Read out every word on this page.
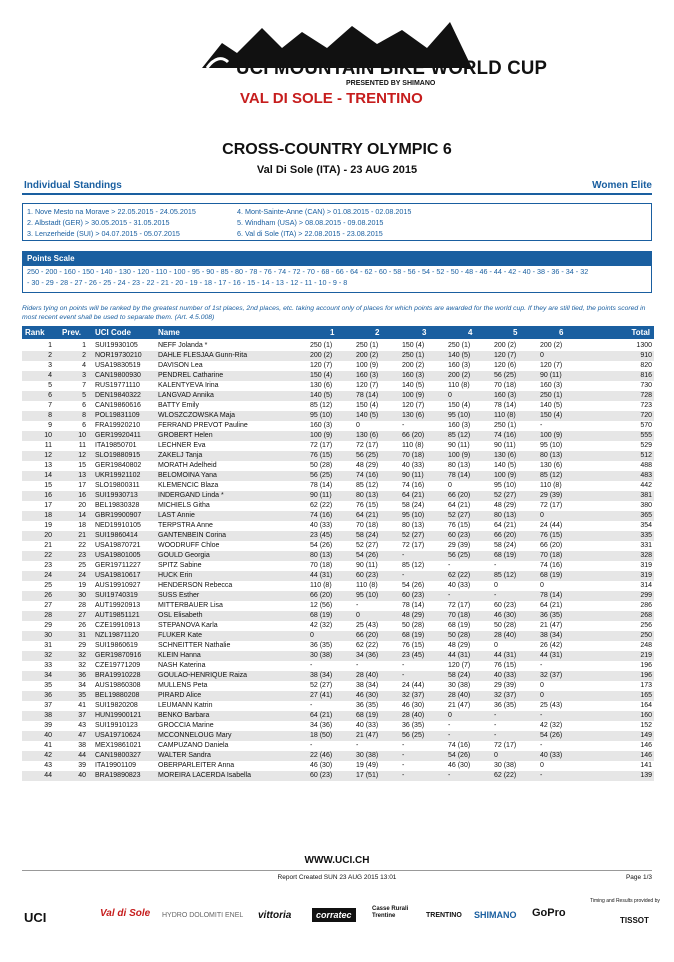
UCI MOUNTAIN BIKE WORLD CUP
PRESENTED BY SHIMANO
VAL DI SOLE - TRENTINO
CROSS-COUNTRY OLYMPIC 6
Val Di Sole (ITA) - 23 AUG 2015
Individual Standings	Women Elite
1. Nove Mesto na Morave > 22.05.2015 - 24.05.2015
2. Albstadt (GER) > 30.05.2015 - 31.05.2015
3. Lenzerheide (SUI) > 04.07.2015 - 05.07.2015
4. Mont-Sainte-Anne (CAN) > 01.08.2015 - 02.08.2015
5. Windham (USA) > 08.08.2015 - 09.08.2015
6. Val di Sole (ITA) > 22.08.2015 - 23.08.2015
Points Scale
250 - 200 - 160 - 150 - 140 - 130 - 120 - 110 - 100 - 95 - 90 - 85 - 80 - 78 - 76 - 74 - 72 - 70 - 68 - 66 - 64 - 62 - 60 - 58 - 56 - 54 - 52 - 50 - 48 - 46 - 44 - 42 - 40 - 38 - 36 - 34 - 32
- 30 - 29 - 28 - 27 - 26 - 25 - 24 - 23 - 22 - 21 - 20 - 19 - 18 - 17 - 16 - 15 - 14 - 13 - 12 - 11 - 10 - 9 - 8
Riders tying on points will be ranked by the greatest number of 1st places, 2nd places, etc. taking account only of places for which points are awarded for the world cup. If they are still tied, the points scored in most recent event shall be used to separate them. (Art. 4.5.008)
Rank Prev. UCI Code	Name	1	2	3	4	5	6	Total
1	1 SUI19930105	NEFF Jolanda *	250 (1)	250 (1)	150 (4)	250 (1)	200 (2)	200 (2)	1300
2	2 NOR19730210 DAHLE FLESJAA Gunn-Rita	200 (2)	200 (2)	250 (1)	140 (5)	120 (7)	0	910
3	4 USA19830519 DAVISON Lea	120 (7)	100 (9)	200 (2)	160 (3)	120 (6)	120 (7)	820
4	3 CAN19800930 PENDREL Catharine	150 (4)	160 (3)	160 (3)	200 (2)	56 (25)	90 (11)	816
5	7 RUS19771110	KALENTYEVA Irina	130 (6)	120 (7)	140 (5)	110 (8)	70 (18)	160 (3)	730
6	5 DEN19840322 LANGVAD Annika	140 (5)	78 (14)	100 (9)	0	160 (3)	250 (1)	728
7	6 CAN19860616 BATTY Emily	85 (12)	150 (4)	120 (7)	150 (4)	78 (14)	140 (5)	723
8	8 POL19831109	WLOSZCZOWSKA Maja	95 (10)	140 (5)	130 (6)	95 (10)	110 (8)	150 (4)	720
9	6 FRA19920210	FERRAND PREVOT Pauline	160 (3)	0	-	160 (3)	250 (1)	-	570
10	10 GER19920411 GROBERT Helen	100 (9)	130 (6)	66 (20)	85 (12)	74 (16)	100 (9)	555
11	11 ITA19850701	LECHNER Eva	72 (17)	72 (17)	110 (8)	90 (11)	90 (11)	95 (10)	529
12	12 SLO19880915	ZAKELJ Tanja	76 (15)	56 (25)	70 (18)	100 (9)	130 (6)	80 (13)	512
13	15 GER19840802 MORATH Adelheid	50 (28)	48 (29)	40 (33)	80 (13)	140 (5)	130 (6)	488
14	13 UKR19921102	BELOMOINA Yana	56 (25)	74 (16)	90 (11)	78 (14)	100 (9)	85 (12)	483
15	17 SLO19800311	KLEMENCIC Blaza	78 (14)	85 (12)	74 (16)	0	95 (10)	110 (8)	442
16	16 SUI19930713	INDERGAND Linda *	90 (11)	80 (13)	64 (21)	66 (20)	52 (27)	29 (39)	381
17	20 BEL19830328	MICHIELS Githa	62 (22)	76 (15)	58 (24)	64 (21)	48 (29)	72 (17)	380
18	14 GBR19900907 LAST Annie	74 (16)	64 (21)	95 (10)	52 (27)	80 (13)	0	365
19	18 NED19910105 TERPSTRA Anne	40 (33)	70 (18)	80 (13)	76 (15)	64 (21)	24 (44)	354
20	21 SUI19860414	GANTENBEIN Corina	23 (45)	58 (24)	52 (27)	60 (23)	66 (20)	76 (15)	335
21	22 USA19870721 WOODRUFF Chloe	54 (26)	52 (27)	72 (17)	29 (39)	58 (24)	66 (20)	331
22	23 USA19801005 GOULD Georgia	80 (13)	54 (26)	-	56 (25)	68 (19)	70 (18)	328
23	25 GER19711227 SPITZ Sabine	70 (18)	90 (11)	85 (12)	-	-	74 (16)	319
24	24 USA19810617 HUCK Erin	44 (31)	60 (23)	-	62 (22)	85 (12)	68 (19)	319
25	19 AUS19910927 HENDERSON Rebecca	110 (8)	110 (8)	54 (26)	40 (33)	0	0	314
26	30 SUI19740319	SUSS Esther	66 (20)	95 (10)	60 (23)	-	-	78 (14)	299
27	28 AUT19920913	MITTERBAUER Lisa	12 (56)	-	78 (14)	72 (17)	60 (23)	64 (21)	286
28	27 AUT19851121	OSL Elisabeth	68 (19)	0	48 (29)	70 (18)	46 (30)	36 (35)	268
29	26 CZE19910913	STEPANOVA Karla	42 (32)	25 (43)	50 (28)	68 (19)	50 (28)	21 (47)	256
30	31 NZL19871120	FLUKER Kate	0	66 (20)	68 (19)	50 (28)	28 (40)	38 (34)	250
31	29 SUI19860619	SCHNEITTER Nathalie	36 (35)	62 (22)	76 (15)	48 (29)	0	26 (42)	248
32	32 GER19870916 KLEIN Hanna	30 (38)	34 (36)	23 (45)	44 (31)	44 (31)	44 (31)	219
33	32 CZE19771209	NASH Katerina	-	-	-	120 (7)	76 (15)	-	196
34	36 BRA19910228 GOULAO-HENRIQUE Raiza	38 (34)	28 (40)	-	58 (24)	40 (33)	32 (37)	196
35	34 AUS19860308 MULLENS Peta	52 (27)	38 (34)	24 (44)	30 (38)	29 (39)	0	173
36	35 BEL19880208	PIRARD Alice	27 (41)	46 (30)	32 (37)	28 (40)	32 (37)	0	165
37	41 SUI19820208	LEUMANN Katrin	-	36 (35)	46 (30)	21 (47)	36 (35)	25 (43)	164
38	37 HUN19900121 BENKO Barbara	64 (21)	68 (19)	28 (40)	0	-	-	160
39	43 SUI19910123	GROCCIA Marine	34 (36)	40 (33)	36 (35)	-	-	42 (32)	152
40	47 USA19710624 MCCONNELOUG Mary	18 (50)	21 (47)	56 (25)	-	-	54 (26)	149
41	38 MEX19861021 CAMPUZANO Daniela	-	-	-	74 (16)	72 (17)	-	146
42	44 CAN19800327 WALTER Sandra	22 (46)	30 (38)	-	54 (26)	0	40 (33)	146
43	39 ITA19901109	OBERPARLEITER Anna	46 (30)	19 (49)	-	46 (30)	30 (38)	0	141
44	40 BRA19890823 MOREIRA LACERDA Isabella	60 (23)	17 (51)	-	-	62 (22)	-	139
WWW.UCI.CH
Report Created SUN 23 AUG 2015 13:01	Page 1/3
UCI	Val di Sole HYDRO DOLOMITI ENEL vittoria	corratec
Casse Rurali Trentine	TRENTINO SHIMANO GoPro
Timing and Results provided by
TISSOT
